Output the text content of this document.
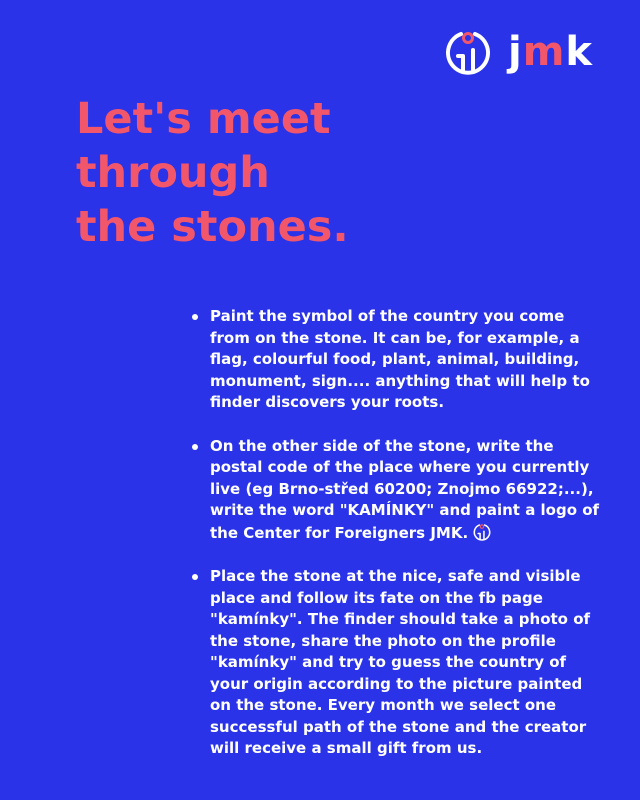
jmk
Let's meet
through
the stones.
Paint the symbol of the country you come from on the stone. It can be, for example, a flag, colourful food, plant, animal, building, monument, sign.... anything that will help to finder discovers your roots.
On the other side of the stone, write the postal code of the place where you currently live (eg Brno-střed 60200; Znojmo 66922;...), write the word "KAMÍNKY" and paint a logo of the Center for Foreigners JMK.
Place the stone at the nice, safe and visible place and follow its fate on the fb page "kamínky". The finder should take a photo of the stone, share the photo on the profile "kamínky" and try to guess the country of your origin according to the picture painted on the stone. Every month we select one successful path of the stone and the creator will receive a small gift from us.
